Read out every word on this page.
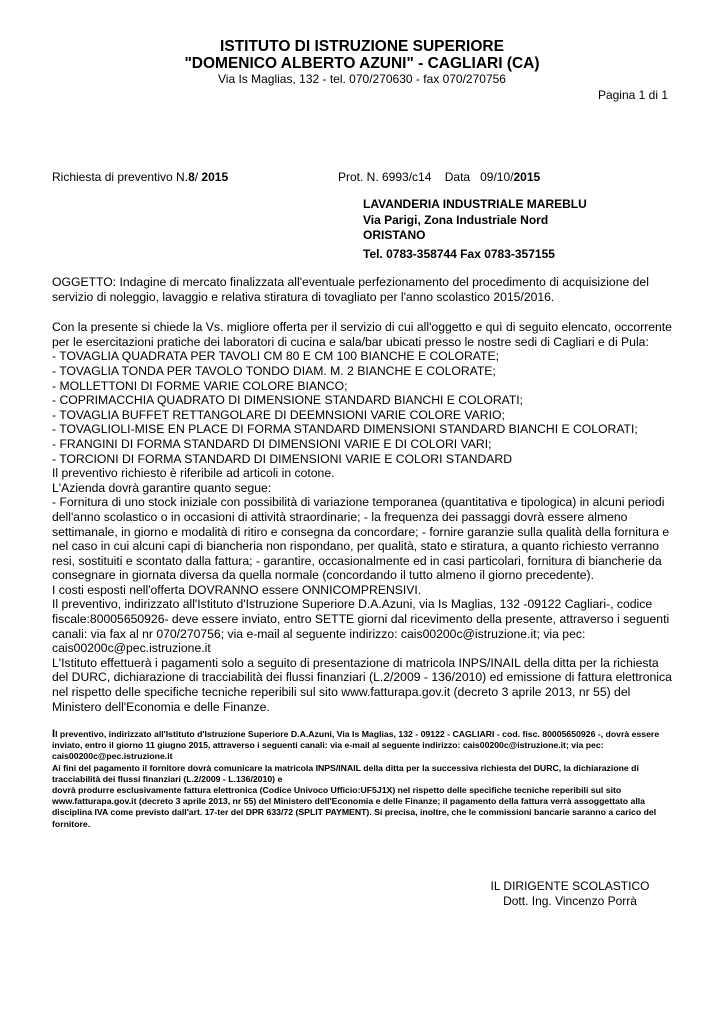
ISTITUTO DI ISTRUZIONE SUPERIORE
"DOMENICO ALBERTO AZUNI" - CAGLIARI (CA)
Via Is Maglias, 132 - tel. 070/270630 - fax 070/270756
Pagina 1 di 1
Richiesta di preventivo N.8/ 2015	Prot. N. 6993/c14 Data 09/10/2015
LAVANDERIA INDUSTRIALE MAREBLU
Via Parigi, Zona Industriale Nord
ORISTANO
Tel. 0783-358744 Fax 0783-357155

OGGETTO: Indagine di mercato finalizzata all'eventuale perfezionamento del procedimento di acquisizione del servizio di noleggio, lavaggio e relativa stiratura di tovagliato per l'anno scolastico 2015/2016.

Con la presente si chiede la Vs. migliore offerta per il servizio di cui all'oggetto e quì di seguito elencato, occorrente per le esercitazioni pratiche dei laboratori di cucina e sala/bar ubicati presso le nostre sedi di Cagliari e di Pula:

- TOVAGLIA QUADRATA PER TAVOLI CM 80 E CM 100 BIANCHE E COLORATE;

- TOVAGLIA TONDA PER TAVOLO TONDO DIAM. M. 2 BIANCHE E COLORATE;

- MOLLETTONI DI FORME VARIE COLORE BIANCO;

- COPRIMACCHIA QUADRATO DI DIMENSIONE STANDARD BIANCHI E COLORATI;

- TOVAGLIA BUFFET RETTANGOLARE DI DEEMNSIONI VARIE COLORE VARIO;

- TOVAGLIOLI-MISE EN PLACE DI FORMA STANDARD DIMENSIONI STANDARD BIANCHI E COLORATI;

- FRANGINI DI FORMA STANDARD DI DIMENSIONI VARIE E DI COLORI VARI;

- TORCIONI DI FORMA STANDARD DI DIMENSIONI VARIE E COLORI STANDARD

Il preventivo richiesto è riferibile ad articoli in cotone.

L'Azienda dovrà garantire quanto segue:

- Fornitura di uno stock iniziale con possibilità di variazione temporanea (quantitativa e tipologica) in alcuni periodi dell'anno scolastico o in occasioni di attività straordinarie; - la frequenza dei passaggi dovrà essere almeno settimanale, in giorno e modalità di ritiro e consegna da concordare; - fornire garanzie sulla qualità della fornitura e nel caso in cui alcuni capi di biancheria non rispondano, per qualità, stato e stiratura, a quanto richiesto verranno resi, sostituiti e scontato dalla fattura; - garantire, occasionalmente ed in casi particolari, fornitura di biancherie da consegnare in giornata diversa da quella normale (concordando il tutto almeno il giorno precedente).

I costi esposti nell'offerta DOVRANNO essere ONNICOMPRENSIVI.

Il preventivo, indirizzato all'Istituto d'Istruzione Superiore D.A.Azuni, via Is Maglias, 132 -09122 Cagliari-, codice fiscale:80005650926- deve essere inviato, entro SETTE giorni dal ricevimento della presente, attraverso i seguenti canali: via fax al nr 070/270756; via e-mail al seguente indirizzo: cais00200c@istruzione.it; via pec: cais00200c@pec.istruzione.it

L'Istituto effettuerà i pagamenti solo a seguito di presentazione di matricola INPS/INAIL della ditta per la richiesta del DURC, dichiarazione di tracciabilità dei flussi finanziari (L.2/2009 - 136/2010) ed emissione di fattura elettronica nel rispetto delle specifiche tecniche reperibili sul sito www.fatturapa.gov.it (decreto 3 aprile 2013, nr 55) del Ministero dell'Economia e delle Finanze.

Il preventivo, indirizzato all'Istituto d'Istruzione Superiore D.A.Azuni, Via Is Maglias, 132 - 09122 - CAGLIARI - cod. fisc. 80005650926 -, dovrà essere inviato, entro il giorno 11 giugno 2015, attraverso i seguenti canali: via e-mail al seguente indirizzo: cais00200c@istruzione.it; via pec: cais00200c@pec.istruzione.it

Ai fini del pagamento il fornitore dovrà comunicare la matricola INPS/INAIL della ditta per la successiva richiesta del DURC, la dichiarazione di tracciabilità dei flussi finanziari (L.2/2009 - L.136/2010) e

dovrà produrre esclusivamente fattura elettronica (Codice Univoco Ufficio:UF5J1X) nel rispetto delle specifiche tecniche reperibili sul sito www.fatturapa.gov.it (decreto 3 aprile 2013, nr 55) del Ministero dell'Economia e delle Finanze; il pagamento della fattura verrà assoggettato alla disciplina IVA come previsto dall'art. 17-ter del DPR 633/72 (SPLIT PAYMENT). Si precisa, inoltre, che le commissioni bancarie saranno a carico del fornitore.

IL DIRIGENTE SCOLASTICO
Dott. Ing. Vincenzo Porrà
